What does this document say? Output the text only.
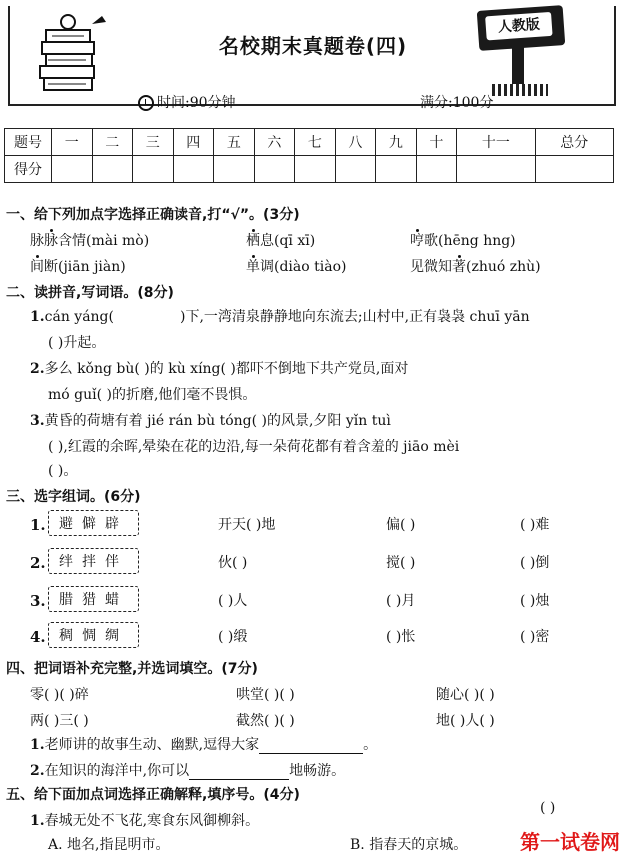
名校期末真题卷(四)
人教版
时间:90分钟	满分:100分
题号	一	二	三	四	五	六	七	八	九	十	十一	总分
得分												
一、给下列加点字选择正确读音,打“√”。(3分)
脉脉含情(mài mò)	栖息(qī xī)	哼歌(hēng hng)
间断(jiān jiàn)	单调(diào tiào)	见微知著(zhuó zhù)
二、读拼音,写词语。(8分)
1.cán yáng(	)下,一湾清泉静静地向东流去;山村中,正有袅袅 chuī yān
( )升起。
2.多么 kǒng bù( )的 kù xíng( )都吓不倒地下共产党员,面对
mó guǐ( )的折磨,他们毫不畏惧。
3.黄昏的荷塘有着 jié rán bù tóng( )的风景,夕阳 yǐn tuì
( ),红霞的余晖,晕染在花的边沿,每一朵荷花都有着含羞的 jiāo mèi
( )。
三、选字组词。(6分)
1. 避僻辟	开天( )地	偏( )	( )难
2. 绊拌伴	伙( )	搅( )	( )倒
3. 腊猎蜡	( )人	( )月	( )烛
4. 稠惆绸	( )缎	( )怅	( )密
四、把词语补充完整,并选词填空。(7分)
零( )( )碎	哄堂( )( )	随心( )( )
两( )三( )	截然( )( )	地( )人( )
1.老师讲的故事生动、幽默,逗得大家	。
2.在知识的海洋中,你可以	地畅游。
五、给下面加点词选择正确解释,填序号。(4分)
1.春城无处不飞花,寒食东风御柳斜。
( )
A. 地名,指昆明市。	B. 指春天的京城。	第一试卷网
